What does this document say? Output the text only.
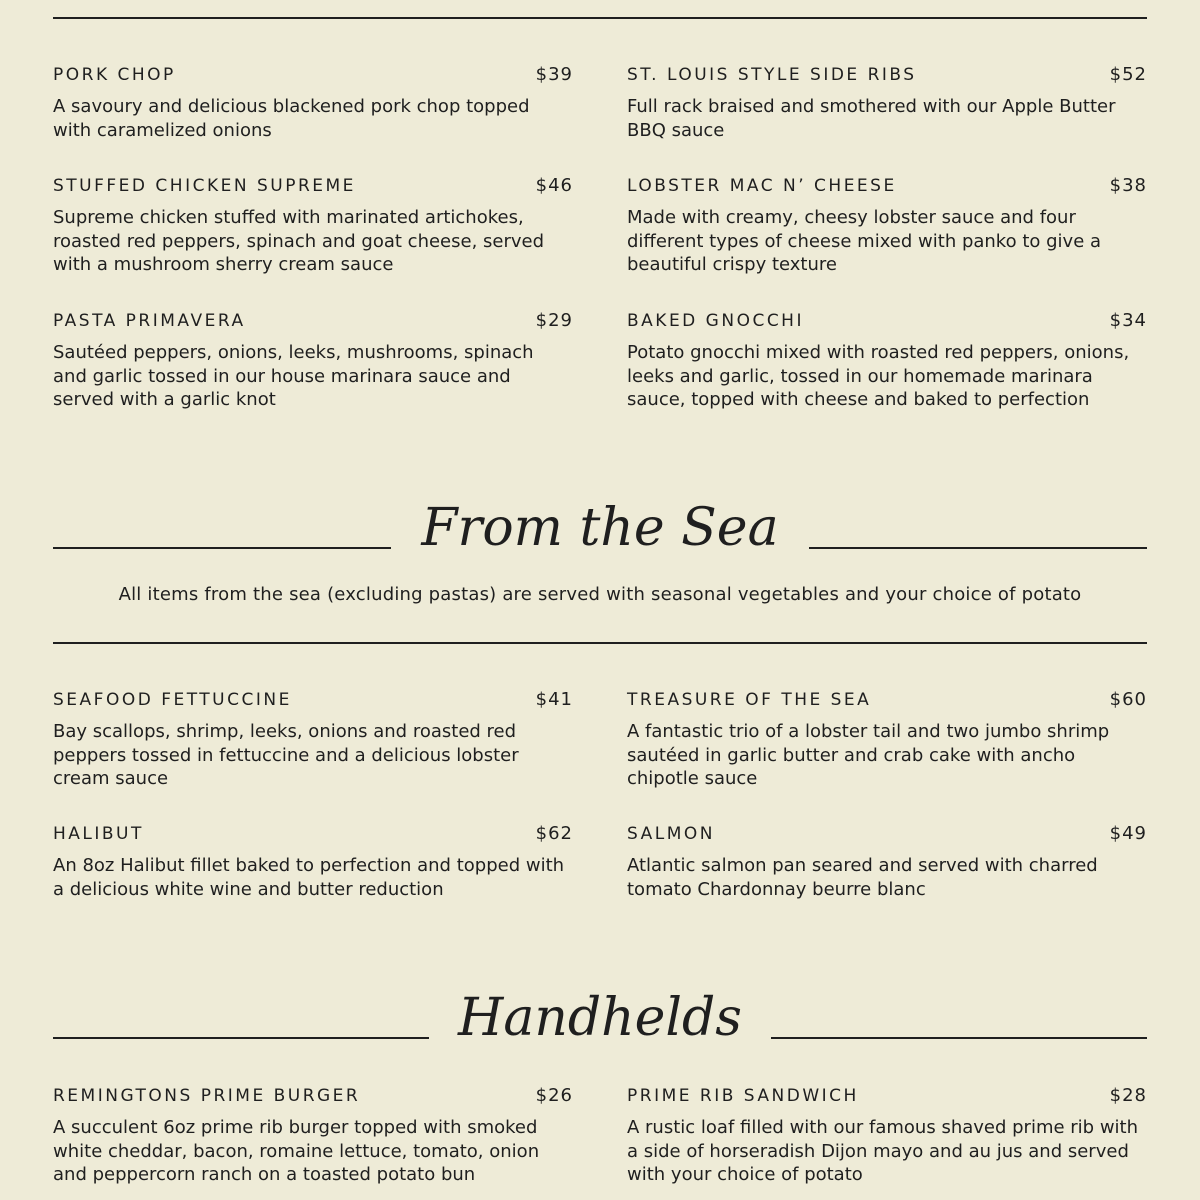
PORK CHOP	$39
A savoury and delicious blackened pork chop topped with caramelized onions
ST. LOUIS STYLE SIDE RIBS	$52
Full rack braised and smothered with our Apple Butter BBQ sauce
STUFFED CHICKEN SUPREME	$46
Supreme chicken stuffed with marinated artichokes, roasted red peppers, spinach and goat cheese, served with a mushroom sherry cream sauce
LOBSTER MAC N’ CHEESE	$38
Made with creamy, cheesy lobster sauce and four different types of cheese mixed with panko to give a beautiful crispy texture
PASTA PRIMAVERA	$29
Sautéed peppers, onions, leeks, mushrooms, spinach and garlic tossed in our house marinara sauce and served with a garlic knot
BAKED GNOCCHI	$34
Potato gnocchi mixed with roasted red peppers, onions, leeks and garlic, tossed in our homemade marinara sauce, topped with cheese and baked to perfection
From the Sea
All items from the sea (excluding pastas) are served with seasonal vegetables and your choice of potato
SEAFOOD FETTUCCINE	$41
Bay scallops, shrimp, leeks, onions and roasted red peppers tossed in fettuccine and a delicious lobster cream sauce
TREASURE OF THE SEA	$60
A fantastic trio of a lobster tail and two jumbo shrimp sautéed in garlic butter and crab cake with ancho chipotle sauce
HALIBUT	$62
An 8oz Halibut fillet baked to perfection and topped with a delicious white wine and butter reduction
SALMON	$49
Atlantic salmon pan seared and served with charred tomato Chardonnay beurre blanc
Handhelds
REMINGTONS PRIME BURGER	$26
A succulent 6oz prime rib burger topped with smoked white cheddar, bacon, romaine lettuce, tomato, onion and peppercorn ranch on a toasted potato bun
PRIME RIB SANDWICH	$28
A rustic loaf filled with our famous shaved prime rib with a side of horseradish Dijon mayo and au jus and served with your choice of potato
